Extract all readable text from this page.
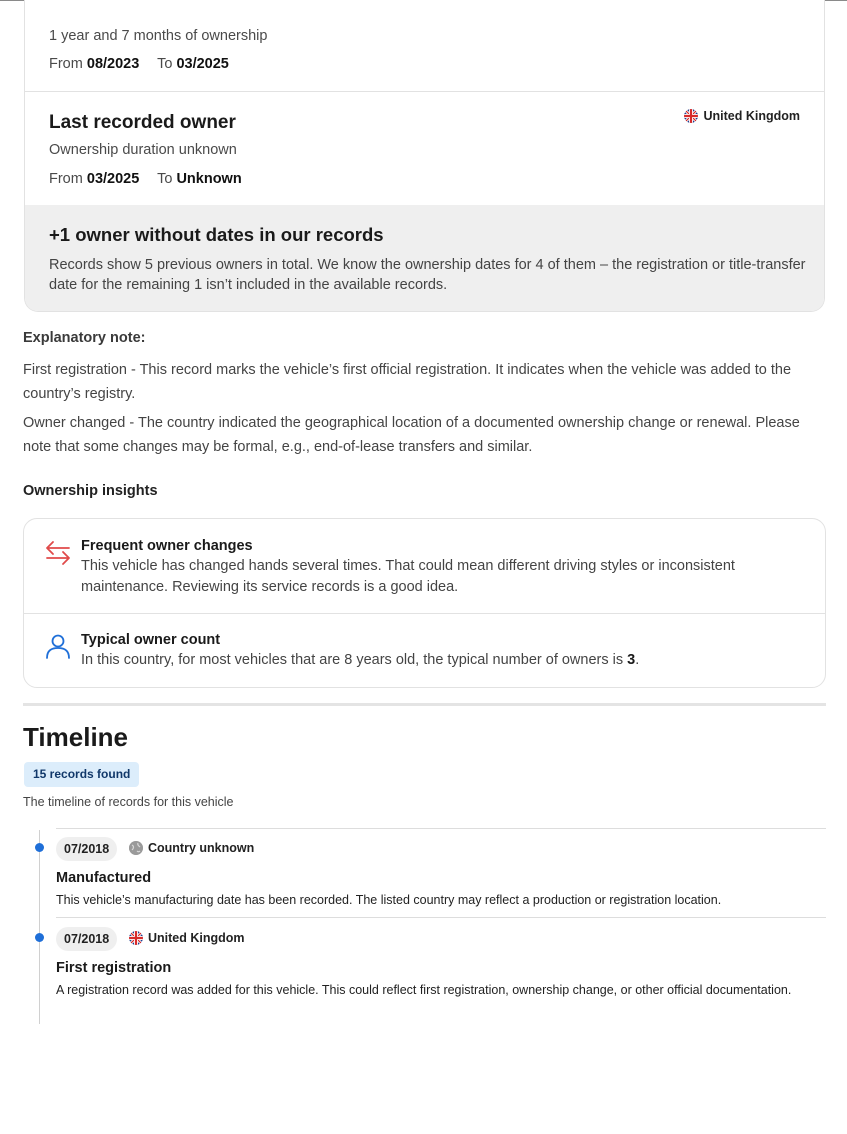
1 year and 7 months of ownership
From 08/2023 To 03/2025
Last recorded owner	United Kingdom
Ownership duration unknown
From 03/2025 To Unknown
+1 owner without dates in our records
Records show 5 previous owners in total. We know the ownership dates for 4 of them – the registration or title-transfer date for the remaining 1 isn’t included in the available records.
Explanatory note:
First registration - This record marks the vehicle’s first official registration. It indicates when the vehicle was added to the country’s registry.
Owner changed - The country indicated the geographical location of a documented ownership change or renewal. Please note that some changes may be formal, e.g., end-of-lease transfers and similar.
Ownership insights
Frequent owner changes
This vehicle has changed hands several times. That could mean different driving styles or inconsistent maintenance. Reviewing its service records is a good idea.
Typical owner count
In this country, for most vehicles that are 8 years old, the typical number of owners is 3.
Timeline
15 records found
The timeline of records for this vehicle
07/2018	Country unknown
Manufactured
This vehicle’s manufacturing date has been recorded. The listed country may reflect a production or registration location.
07/2018	United Kingdom
First registration
A registration record was added for this vehicle. This could reflect first registration, ownership change, or other official documentation.
